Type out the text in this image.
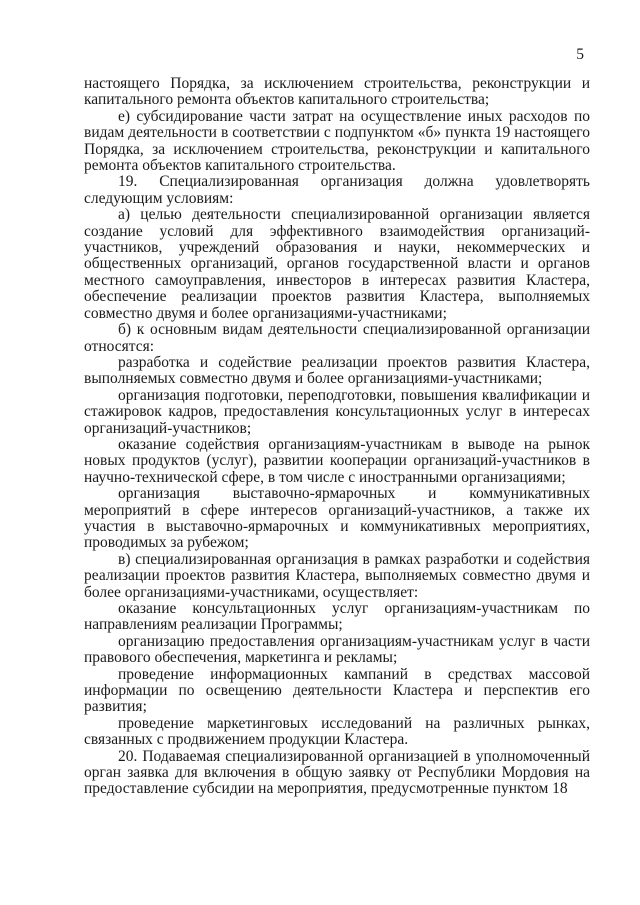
5

настоящего Порядка, за исключением строительства, реконструкции и капитального ремонта объектов капитального строительства;

е) субсидирование части затрат на осуществление иных расходов по видам деятельности в соответствии с подпунктом «б» пункта 19 настоящего Порядка, за исключением строительства, реконструкции и капитального ремонта объектов капитального строительства.

19. Специализированная организация должна удовлетворять следующим условиям:

а) целью деятельности специализированной организации является создание условий для эффективного взаимодействия организаций-участников, учреждений образования и науки, некоммерческих и общественных организаций, органов государственной власти и органов местного самоуправления, инвесторов в интересах развития Кластера, обеспечение реализации проектов развития Кластера, выполняемых совместно двумя и более организациями-участниками;

б) к основным видам деятельности специализированной организации относятся:

разработка и содействие реализации проектов развития Кластера, выполняемых совместно двумя и более организациями-участниками;

организация подготовки, переподготовки, повышения квалификации и стажировок кадров, предоставления консультационных услуг в интересах организаций-участников;

оказание содействия организациям-участникам в выводе на рынок новых продуктов (услуг), развитии кооперации организаций-участников в научно-технической сфере, в том числе с иностранными организациями;

организация выставочно-ярмарочных и коммуникативных мероприятий в сфере интересов организаций-участников, а также их участия в выставочно-ярмарочных и коммуникативных мероприятиях, проводимых за рубежом;

в) специализированная организация в рамках разработки и содействия реализации проектов развития Кластера, выполняемых совместно двумя и более организациями-участниками, осуществляет:

оказание консультационных услуг организациям-участникам по направлениям реализации Программы;

организацию предоставления организациям-участникам услуг в части правового обеспечения, маркетинга и рекламы;

проведение информационных кампаний в средствах массовой информации по освещению деятельности Кластера и перспектив его развития;

проведение маркетинговых исследований на различных рынках, связанных с продвижением продукции Кластера.

20. Подаваемая специализированной организацией в уполномоченный орган заявка для включения в общую заявку от Республики Мордовия на предоставление субсидии на мероприятия, предусмотренные пунктом 18
